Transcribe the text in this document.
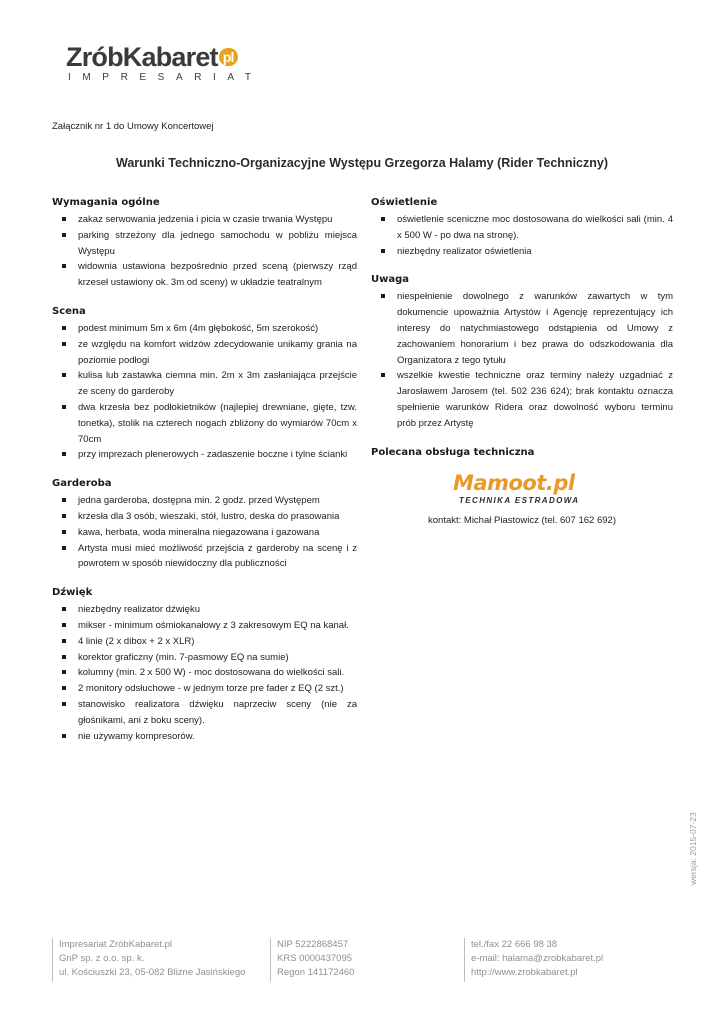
ZróbKabaret pl
IMPRESARIAT
Załącznik nr 1 do Umowy Koncertowej
Warunki Techniczno-Organizacyjne Występu Grzegorza Halamy (Rider Techniczny)
Wymagania ogólne
zakaz serwowania jedzenia i picia w czasie trwania Występu
parking strzeżony dla jednego samochodu w pobliżu miejsca Występu
widownia ustawiona bezpośrednio przed sceną (pierwszy rząd krzeseł ustawiony ok. 3m od sceny) w układzie teatralnym
Scena
podest minimum 5m x 6m (4m głębokość, 5m szerokość)
ze względu na komfort widzów zdecydowanie unikamy grania na poziomie podłogi
kulisa lub zastawka ciemna min. 2m x 3m zasłaniająca przejście ze sceny do garderoby
dwa krzesła bez podłokietników (najlepiej drewniane, gięte, tzw. tonetka), stolik na czterech nogach zbliżony do wymiarów 70cm x 70cm
przy imprezach plenerowych - zadaszenie boczne i tylne ścianki
Garderoba
jedna garderoba, dostępna min. 2 godz. przed Występem
krzesła dla 3 osób, wieszaki, stół, lustro, deska do prasowania
kawa, herbata, woda mineralna niegazowana i gazowana
Artysta musi mieć możliwość przejścia z garderoby na scenę i z powrotem w sposób niewidoczny dla publiczności
Dźwięk
niezbędny realizator dźwięku
mikser - minimum ośmiokanałowy z 3 zakresowym EQ na kanał.
4 linie (2 x dibox + 2 x XLR)
korektor graficzny (min. 7-pasmowy EQ na sumie)
kolumny (min. 2 x 500 W) - moc dostosowana do wielkości sali.
2 monitory odsłuchowe - w jednym torze pre fader z EQ (2 szt.)
stanowisko realizatora dźwięku naprzeciw sceny (nie za głośnikami, ani z boku sceny).
nie używamy kompresorów.
Oświetlenie
oświetlenie sceniczne moc dostosowana do wielkości sali (min. 4 x 500 W - po dwa na stronę).
niezbędny realizator oświetlenia
Uwaga
niespełnienie dowolnego z warunków zawartych w tym dokumencie upoważnia Artystów i Agencję reprezentujący ich interesy do natychmiastowego odstąpienia od Umowy z zachowaniem honorarium i bez prawa do odszkodowania dla Organizatora z tego tytułu
wszelkie kwestie techniczne oraz terminy należy uzgadniać z Jarosławem Jarosem (tel. 502 236 624); brak kontaktu oznacza spełnienie warunków Ridera oraz dowolność wyboru terminu prób przez Artystę
Polecana obsługa techniczna
Mamoot.pl
TECHNIKA ESTRADOWA
kontakt: Michał Piastowicz (tel. 607 162 692)
wersja: 2015-07-23
Impresariat ZróbKabaret.pl
GnP sp. z o.o. sp. k.
ul. Kościuszki 23, 05-082 Blizne Jasińskiego
NIP 5222868457
KRS 0000437095
Regon 141172460
tel./fax 22 666 98 38
e-mail: halama@zrobkabaret.pl
http://www.zrobkabaret.pl
